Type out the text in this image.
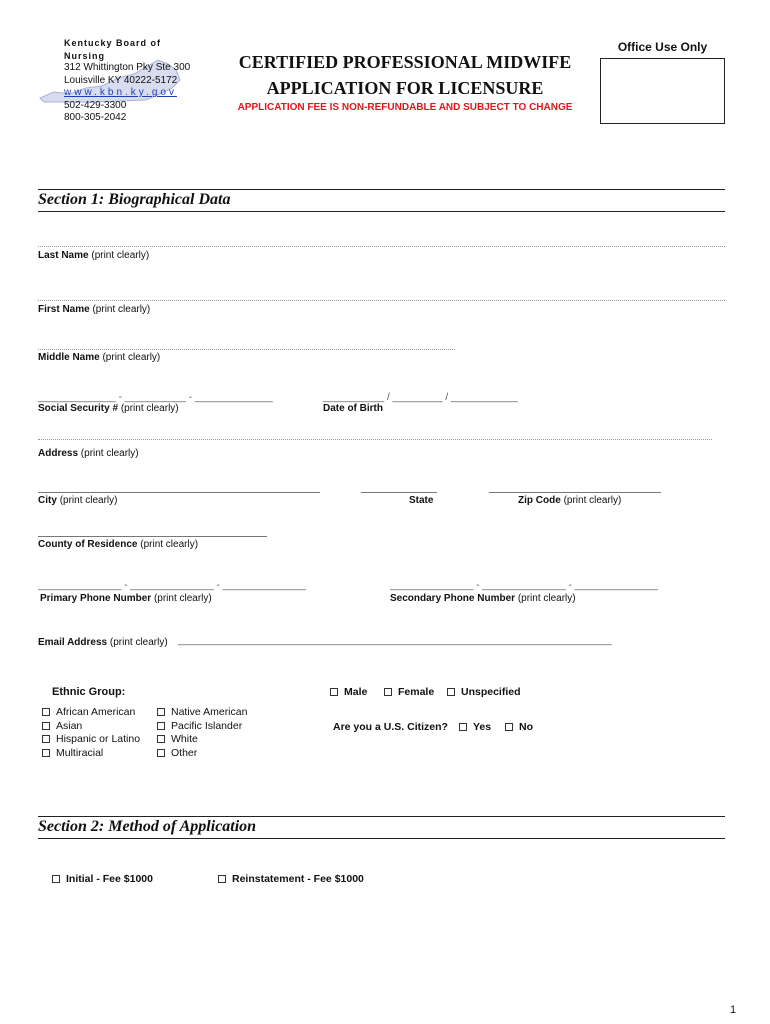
Kentucky Board of Nursing
312 Whittington Pky Ste 300
Louisville KY 40222-5172
www.kbn.ky.gov
502-429-3300
800-305-2042
CERTIFIED PROFESSIONAL MIDWIFE
APPLICATION FOR LICENSURE
APPLICATION FEE IS NON-REFUNDABLE AND SUBJECT TO CHANGE
Office Use Only
Section 1: Biographical Data
Last Name (print clearly)
First Name (print clearly)
Middle Name (print clearly)
______________ - ___________ - ______________
Social Security # (print clearly)
___________ / _________ / ____________
Date of Birth
Address (print clearly)
City (print clearly)	State	Zip Code (print clearly)
County of Residence (print clearly)
_______________ - _______________ - _______________
Primary Phone Number (print clearly)
_______________ - _______________ - _______________
Secondary Phone Number (print clearly)
Email Address (print clearly) ______________________________________________________________________________
Ethnic Group:
African American
Asian
Hispanic or Latino
Multiracial
Native American
Pacific Islander
White
Other
Male	Female	Unspecified
Are you a U.S. Citizen?	Yes	No
Section 2: Method of Application
Initial - Fee $1000	Reinstatement - Fee $1000
1
